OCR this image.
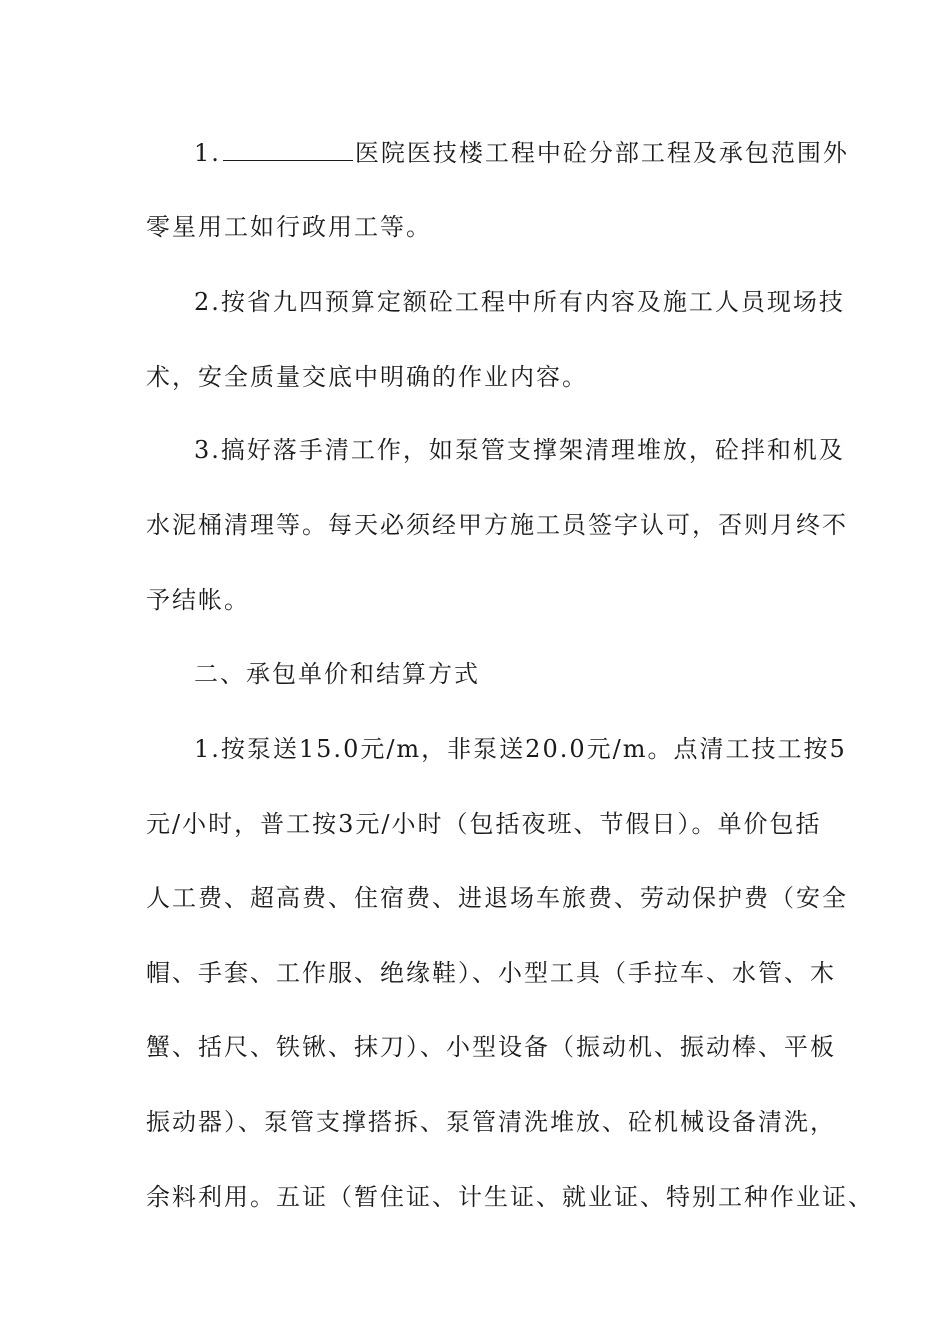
1.	医院医技楼工程中砼分部工程及承包范围外
零星用工如行政用工等。
2.按省九四预算定额砼工程中所有内容及施工人员现场技
术，安全质量交底中明确的作业内容。
3.搞好落手清工作，如泵管支撑架清理堆放，砼拌和机及
水泥桶清理等。每天必须经甲方施工员签字认可，否则月终不
予结帐。
二、承包单价和结算方式
1.按泵送15.0元/m，非泵送20.0元/m。点清工技工按5
元/小时，普工按3元/小时（包括夜班、节假日）。单价包括
人工费、超高费、住宿费、进退场车旅费、劳动保护费（安全
帽、手套、工作服、绝缘鞋）、小型工具（手拉车、水管、木
蟹、括尺、铁锹、抹刀）、小型设备（振动机、振动棒、平板
振动器）、泵管支撑搭拆、泵管清洗堆放、砼机械设备清洗，
余料利用。五证（暂住证、计生证、就业证、特别工种作业证、
